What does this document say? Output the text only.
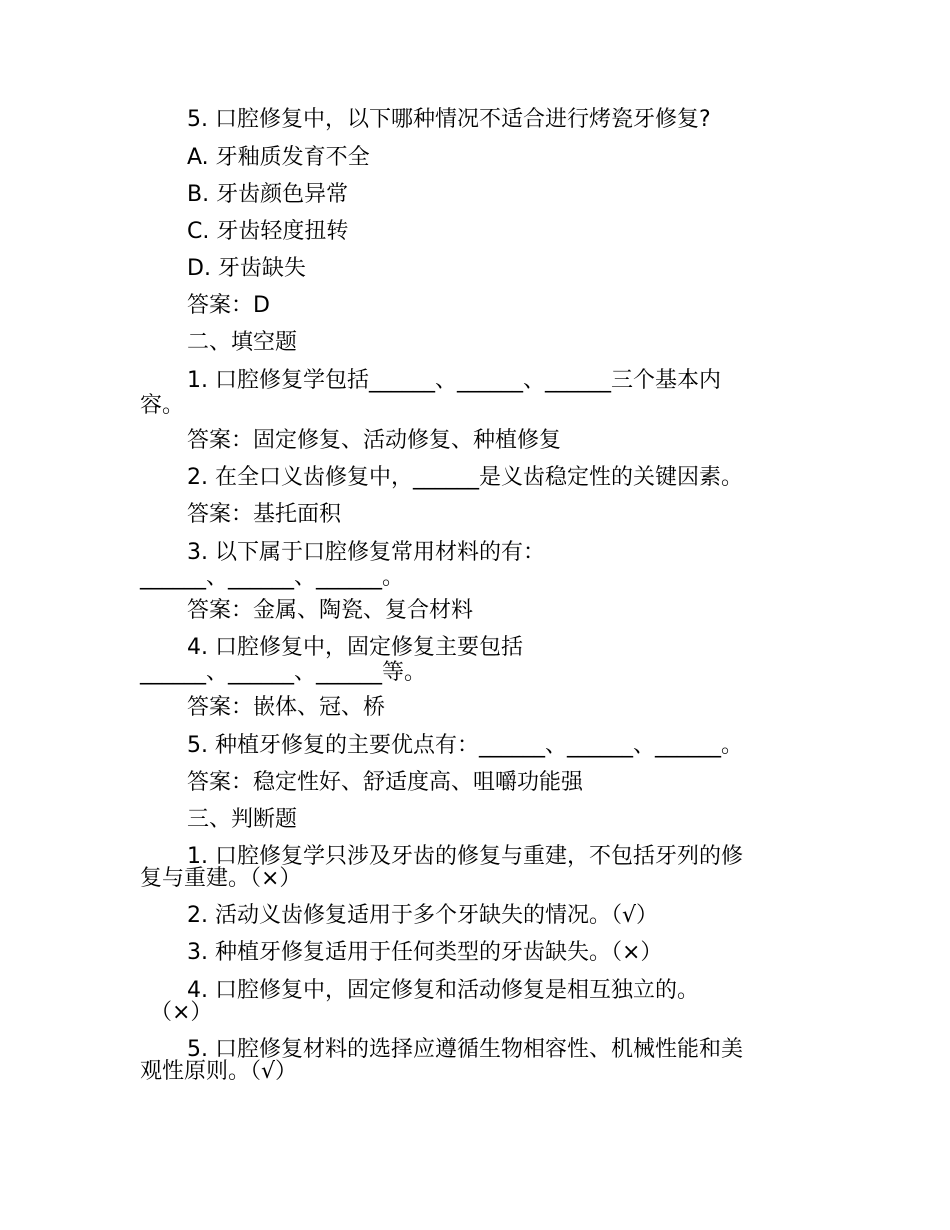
5. 口腔修复中，以下哪种情况不适合进行烤瓷牙修复?
A. 牙釉质发育不全
B. 牙齿颜色异常
C. 牙齿轻度扭转
D. 牙齿缺失
答案：D
二、填空题
1. 口腔修复学包括______、______、______三个基本内
容。
答案：固定修复、活动修复、种植修复
2. 在全口义齿修复中，______是义齿稳定性的关键因素。
答案：基托面积
3. 以下属于口腔修复常用材料的有：
______、______、______。
答案：金属、陶瓷、复合材料
4. 口腔修复中，固定修复主要包括
______、______、______等。
答案：嵌体、冠、桥
5. 种植牙修复的主要优点有：______、______、______。
答案：稳定性好、舒适度高、咀嚼功能强
三、判断题
1. 口腔修复学只涉及牙齿的修复与重建，不包括牙列的修
复与重建。（×）
2. 活动义齿修复适用于多个牙缺失的情况。（√）
3. 种植牙修复适用于任何类型的牙齿缺失。（×）
4. 口腔修复中，固定修复和活动修复是相互独立的。
（×）
5. 口腔修复材料的选择应遵循生物相容性、机械性能和美
观性原则。（√）
